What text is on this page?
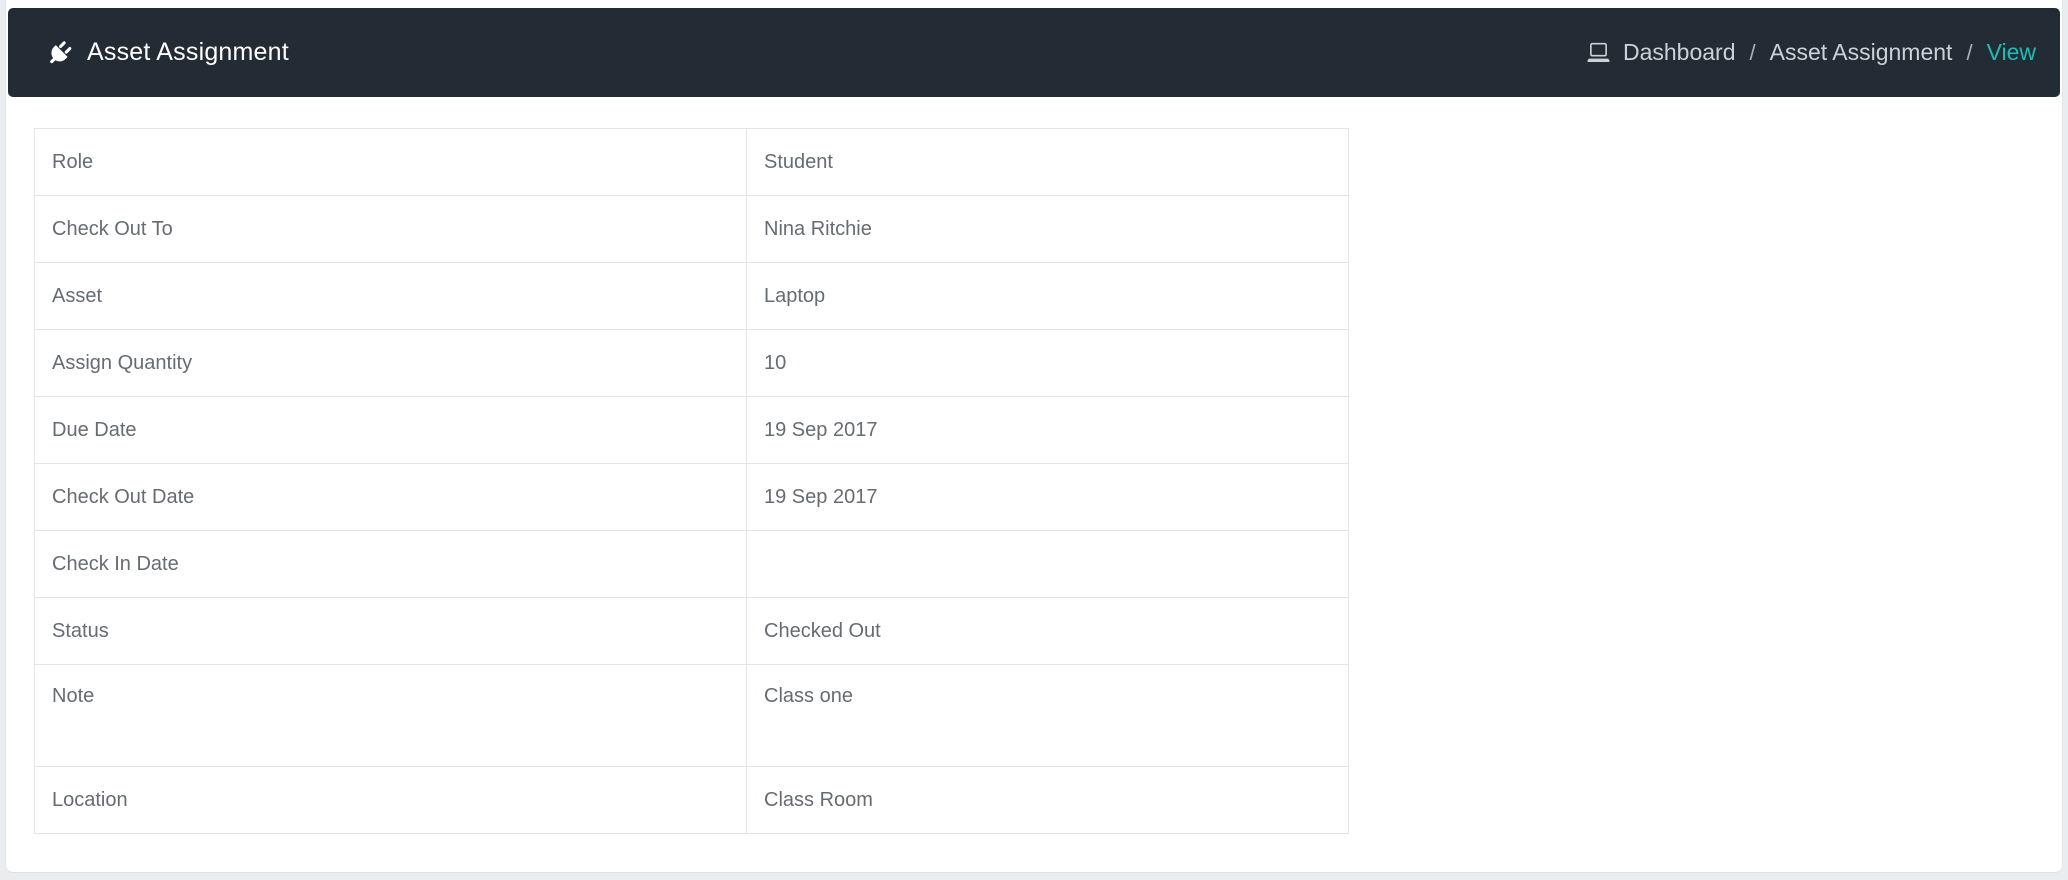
Asset Assignment	Dashboard / Asset Assignment / View
Role	Student
Check Out To	Nina Ritchie
Asset	Laptop
Assign Quantity	10
Due Date	19 Sep 2017
Check Out Date	19 Sep 2017
Check In Date	
Status	Checked Out
Note	Class one
Location	Class Room
